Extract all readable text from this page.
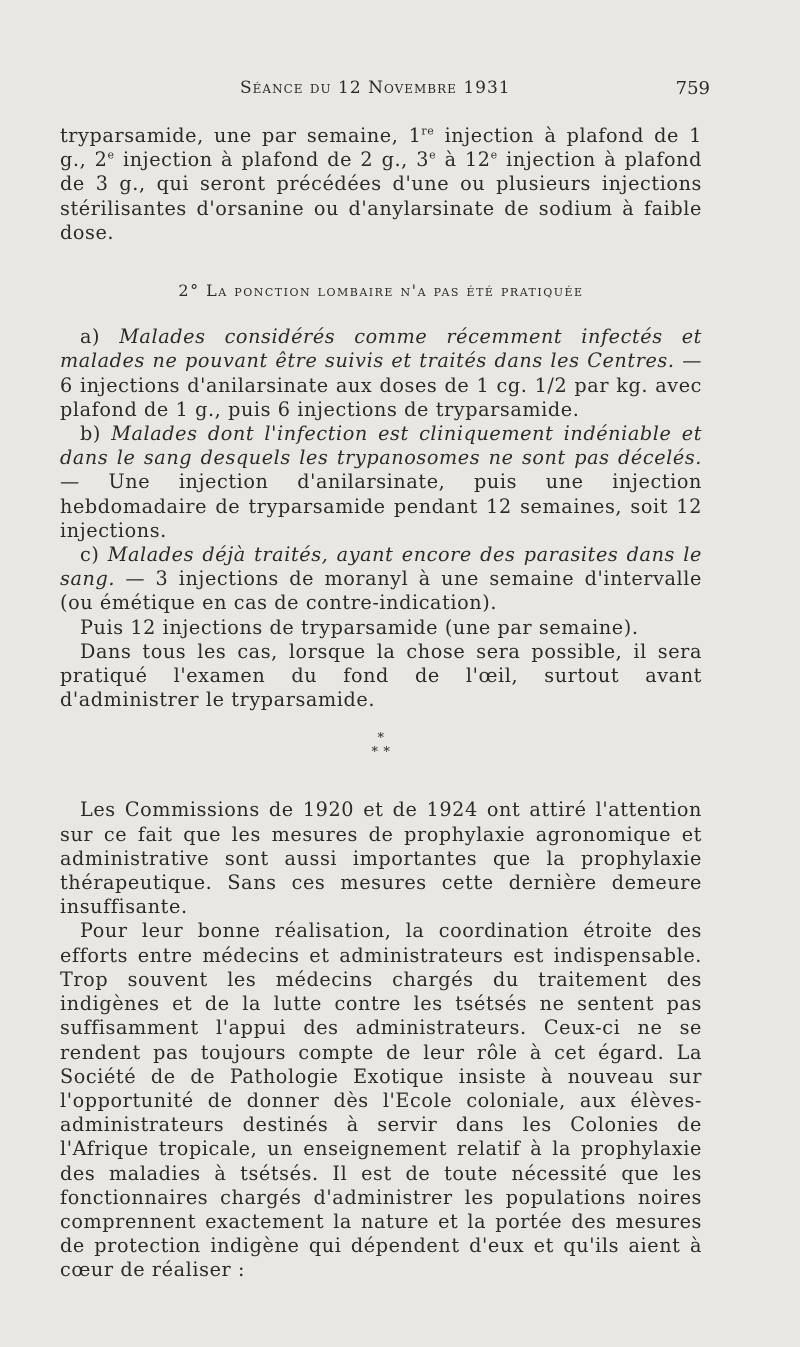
Séance du 12 Novembre 1931	759

tryparsamide, une par semaine, 1re injection à plafond de 1 g., 2e injection à plafond de 2 g., 3e à 12e injection à plafond de 3 g., qui seront précédées d'une ou plusieurs injections stérilisantes d'orsanine ou d'anylarsinate de sodium à faible dose.

2° La ponction lombaire n'a pas été pratiquée

a) Malades considérés comme récemment infectés et malades ne pouvant être suivis et traités dans les Centres. — 6 injections d'anilarsinate aux doses de 1 cg. 1/2 par kg. avec plafond de 1 g., puis 6 injections de tryparsamide.

b) Malades dont l'infection est cliniquement indéniable et dans le sang desquels les trypanosomes ne sont pas décelés. — Une injection d'anilarsinate, puis une injection hebdomadaire de tryparsamide pendant 12 semaines, soit 12 injections.

c) Malades déjà traités, ayant encore des parasites dans le sang. — 3 injections de moranyl à une semaine d'intervalle (ou émétique en cas de contre-indication).

Puis 12 injections de tryparsamide (une par semaine).

Dans tous les cas, lorsque la chose sera possible, il sera pratiqué l'examen du fond de l'œil, surtout avant d'administrer le tryparsamide.

*
* *

Les Commissions de 1920 et de 1924 ont attiré l'attention sur ce fait que les mesures de prophylaxie agronomique et administrative sont aussi importantes que la prophylaxie thérapeutique. Sans ces mesures cette dernière demeure insuffisante.

Pour leur bonne réalisation, la coordination étroite des efforts entre médecins et administrateurs est indispensable. Trop souvent les médecins chargés du traitement des indigènes et de la lutte contre les tsétsés ne sentent pas suffisamment l'appui des administrateurs. Ceux-ci ne se rendent pas toujours compte de leur rôle à cet égard. La Société de de Pathologie Exotique insiste à nouveau sur l'opportunité de donner dès l'Ecole coloniale, aux élèves-administrateurs destinés à servir dans les Colonies de l'Afrique tropicale, un enseignement relatif à la prophylaxie des maladies à tsétsés. Il est de toute nécessité que les fonctionnaires chargés d'administrer les populations noires comprennent exactement la nature et la portée des mesures de protection indigène qui dépendent d'eux et qu'ils aient à cœur de réaliser :
